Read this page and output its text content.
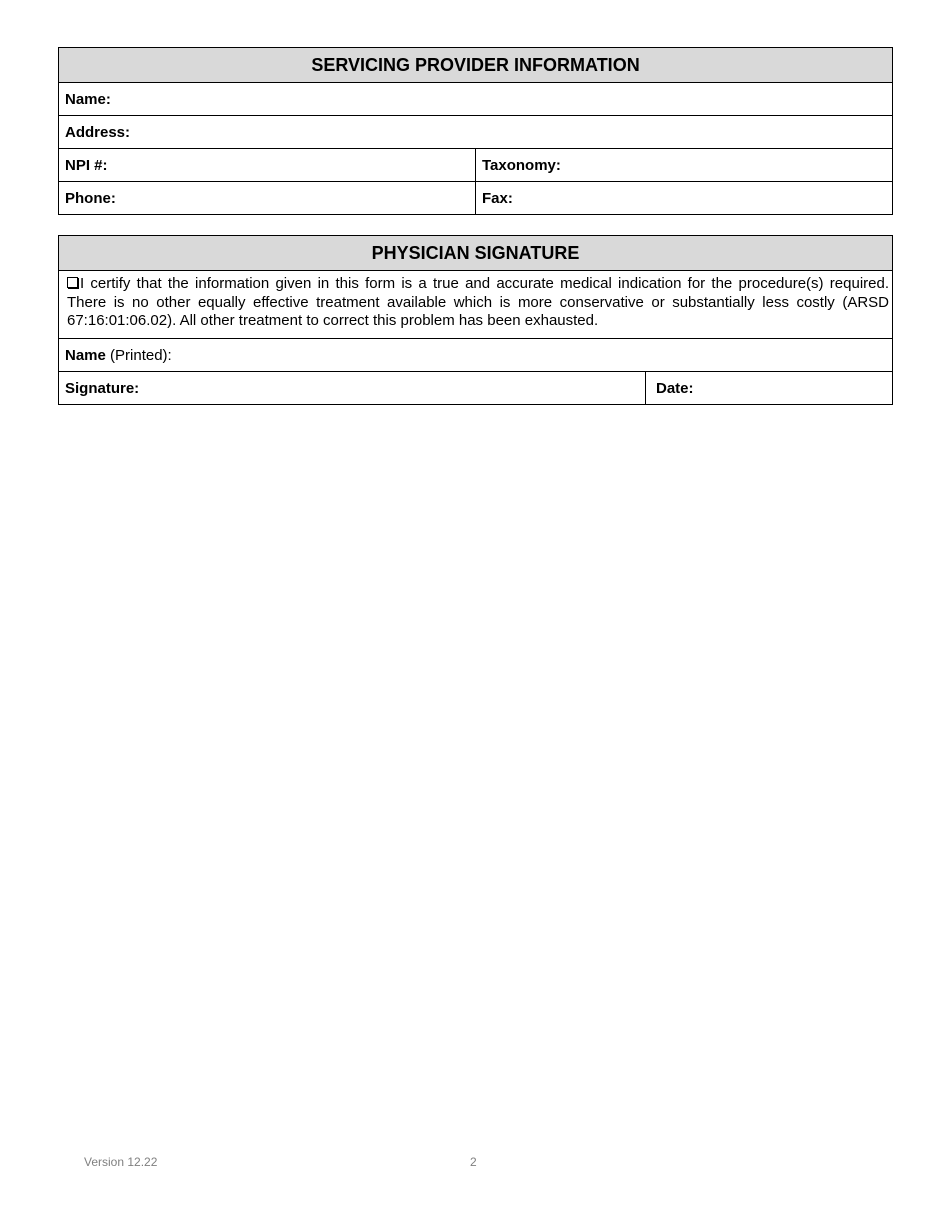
SERVICING PROVIDER INFORMATION	
Name:	
Address:	
NPI #:	Taxonomy:
Phone:	Fax:
PHYSICIAN SIGNATURE
I certify that the information given in this form is a true and accurate medical indication for the procedure(s) required. There is no other equally effective treatment available which is more conservative or substantially less costly (ARSD 67:16:01:06.02). All other treatment to correct this problem has been exhausted.
Name (Printed):
Signature:	Date:
Version 12.22	2
